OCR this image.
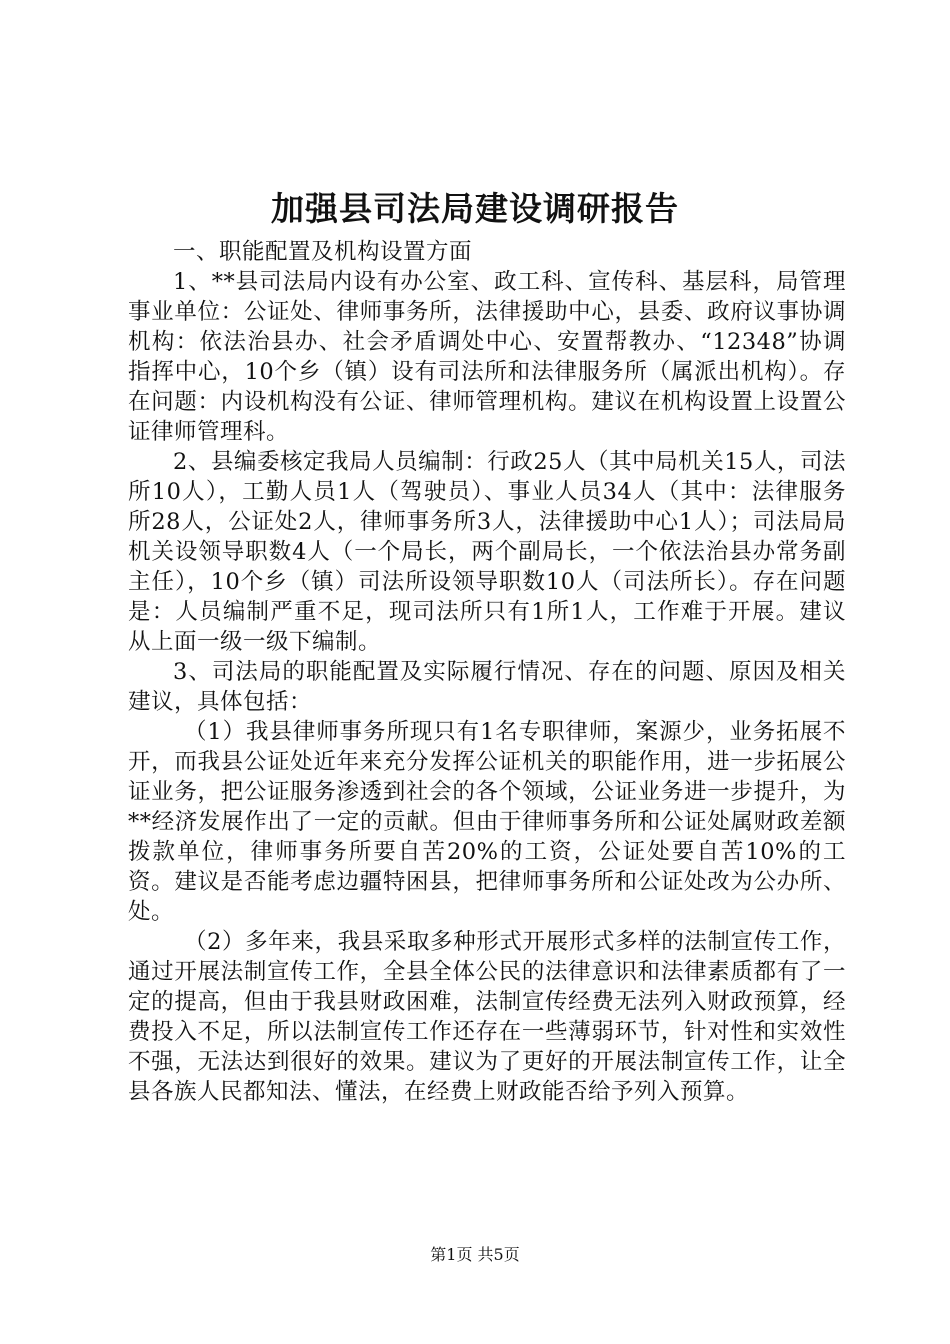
加强县司法局建设调研报告

一、职能配置及机构设置方面

1、**县司法局内设有办公室、政工科、宣传科、基层科，局管理事业单位：公证处、律师事务所，法律援助中心，县委、政府议事协调机构：依法治县办、社会矛盾调处中心、安置帮教办、“12348”协调指挥中心，10个乡（镇）设有司法所和法律服务所（属派出机构）。存在问题：内设机构没有公证、律师管理机构。建议在机构设置上设置公证律师管理科。

2、县编委核定我局人员编制：行政25人（其中局机关15人，司法所10人），工勤人员1人（驾驶员）、事业人员34人（其中：法律服务所28人，公证处2人，律师事务所3人，法律援助中心1人）；司法局局机关设领导职数4人（一个局长，两个副局长，一个依法治县办常务副主任），10个乡（镇）司法所设领导职数10人（司法所长）。存在问题是：人员编制严重不足，现司法所只有1所1人，工作难于开展。建议从上面一级一级下编制。

3、司法局的职能配置及实际履行情况、存在的问题、原因及相关建议，具体包括：

（1）我县律师事务所现只有1名专职律师，案源少，业务拓展不开，而我县公证处近年来充分发挥公证机关的职能作用，进一步拓展公证业务，把公证服务渗透到社会的各个领域，公证业务进一步提升，为**经济发展作出了一定的贡献。但由于律师事务所和公证处属财政差额拨款单位，律师事务所要自苦20%的工资，公证处要自苦10%的工资。建议是否能考虑边疆特困县，把律师事务所和公证处改为公办所、处。

（2）多年来，我县采取多种形式开展形式多样的法制宣传工作，通过开展法制宣传工作，全县全体公民的法律意识和法律素质都有了一定的提高，但由于我县财政困难，法制宣传经费无法列入财政预算，经费投入不足，所以法制宣传工作还存在一些薄弱环节，针对性和实效性不强，无法达到很好的效果。建议为了更好的开展法制宣传工作，让全县各族人民都知法、懂法，在经费上财政能否给予列入预算。

第1页 共5页
